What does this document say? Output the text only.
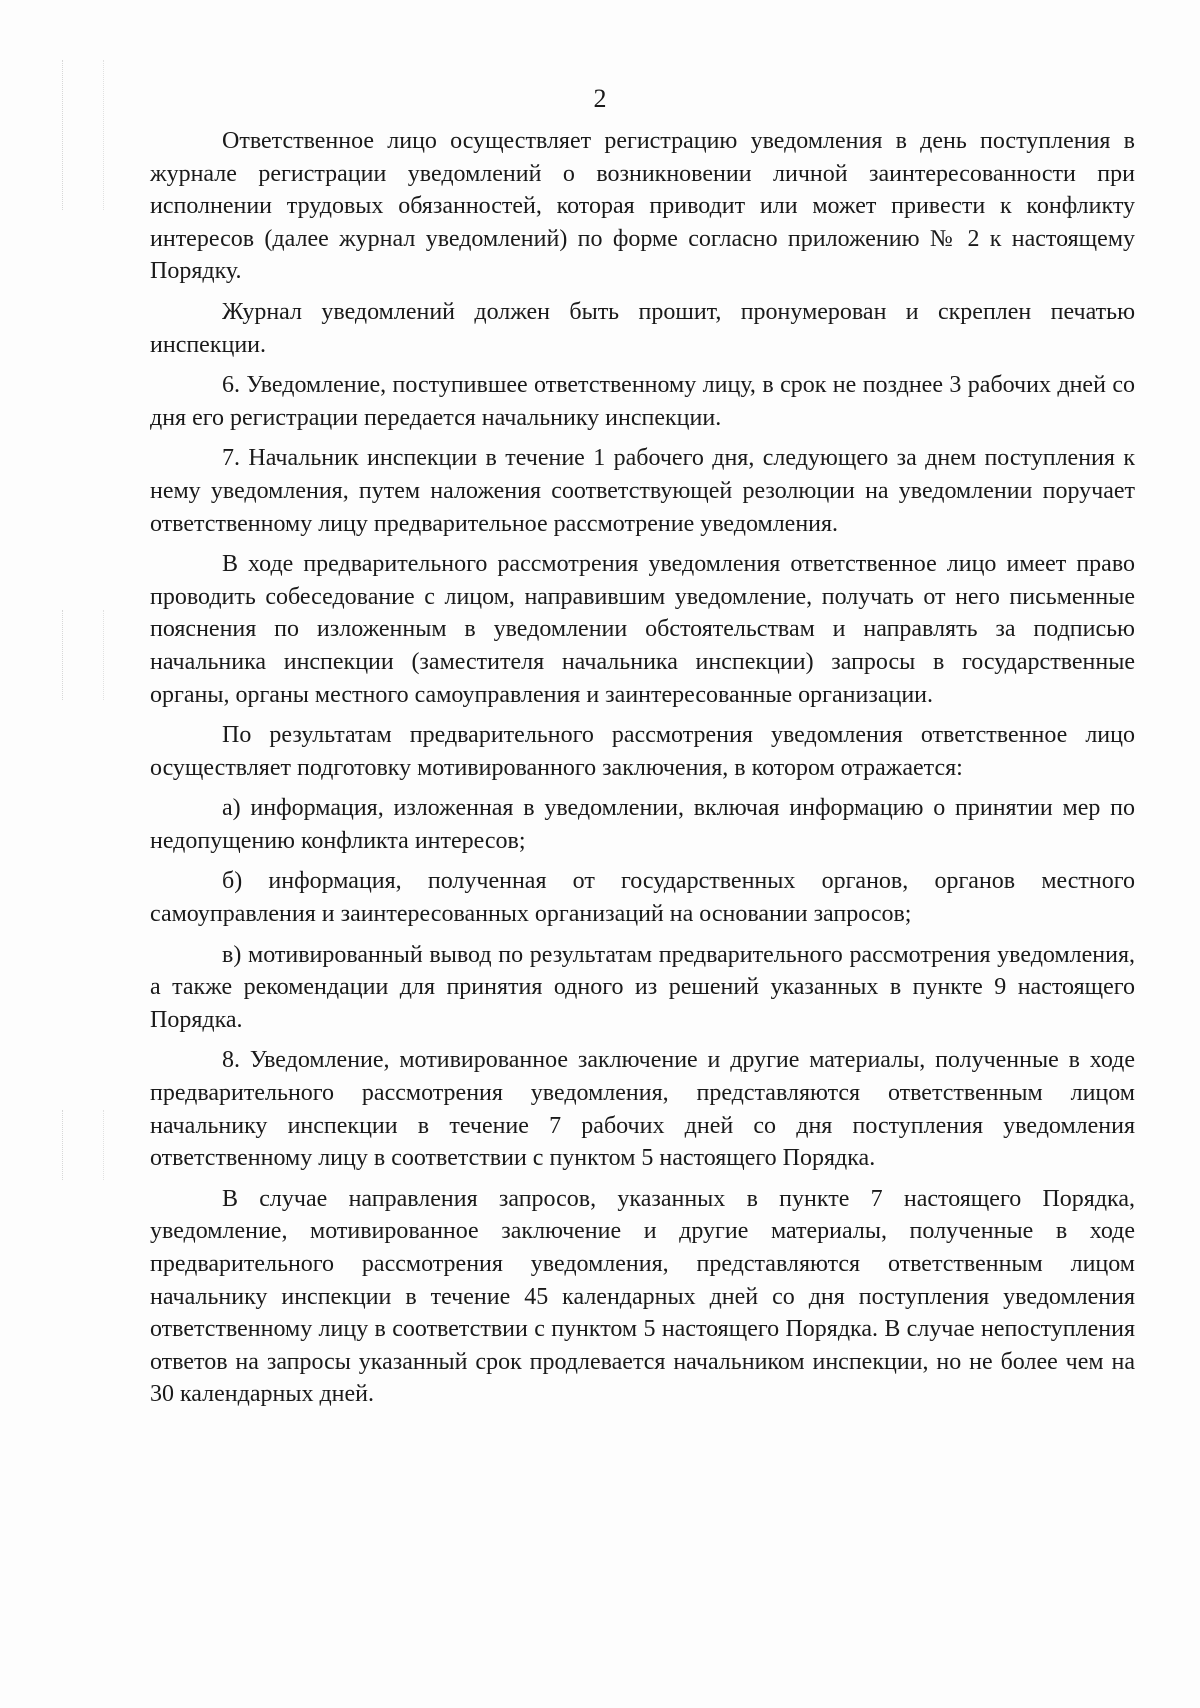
2

Ответственное лицо осуществляет регистрацию уведомления в день поступления в журнале регистрации уведомлений о возникновении личной заинтересованности при исполнении трудовых обязанностей, которая приводит или может привести к конфликту интересов (далее журнал уведомлений) по форме согласно приложению № 2 к настоящему Порядку.

Журнал уведомлений должен быть прошит, пронумерован и скреплен печатью инспекции.

6. Уведомление, поступившее ответственному лицу, в срок не позднее 3 рабочих дней со дня его регистрации передается начальнику инспекции.

7. Начальник инспекции в течение 1 рабочего дня, следующего за днем поступления к нему уведомления, путем наложения соответствующей резолюции на уведомлении поручает ответственному лицу предварительное рассмотрение уведомления.

В ходе предварительного рассмотрения уведомления ответственное лицо имеет право проводить собеседование с лицом, направившим уведомление, получать от него письменные пояснения по изложенным в уведомлении обстоятельствам и направлять за подписью начальника инспекции (заместителя начальника инспекции) запросы в государственные органы, органы местного самоуправления и заинтересованные организации.

По результатам предварительного рассмотрения уведомления ответственное лицо осуществляет подготовку мотивированного заключения, в котором отражается:

а) информация, изложенная в уведомлении, включая информацию о принятии мер по недопущению конфликта интересов;

б) информация, полученная от государственных органов, органов местного самоуправления и заинтересованных организаций на основании запросов;

в) мотивированный вывод по результатам предварительного рассмотрения уведомления, а также рекомендации для принятия одного из решений указанных в пункте 9 настоящего Порядка.

8. Уведомление, мотивированное заключение и другие материалы, полученные в ходе предварительного рассмотрения уведомления, представляются ответственным лицом начальнику инспекции в течение 7 рабочих дней со дня поступления уведомления ответственному лицу в соответствии с пунктом 5 настоящего Порядка.

В случае направления запросов, указанных в пункте 7 настоящего Порядка, уведомление, мотивированное заключение и другие материалы, полученные в ходе предварительного рассмотрения уведомления, представляются ответственным лицом начальнику инспекции в течение 45 календарных дней со дня поступления уведомления ответственному лицу в соответствии с пунктом 5 настоящего Порядка. В случае непоступления ответов на запросы указанный срок продлевается начальником инспекции, но не более чем на 30 календарных дней.
